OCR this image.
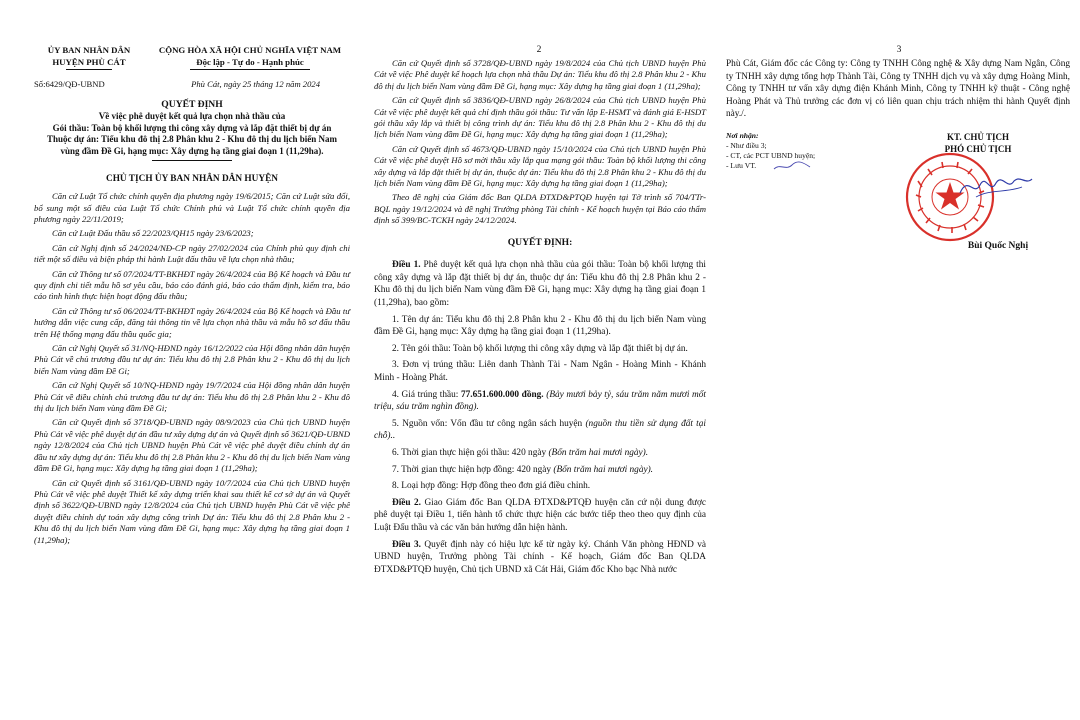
ỦY BAN NHÂN DÂN
HUYỆN PHÙ CÁT
CỘNG HÒA XÃ HỘI CHỦ NGHĨA VIỆT NAM
Độc lập - Tự do - Hạnh phúc
Số:6429/QĐ-UBND	Phù Cát, ngày 25 tháng 12 năm 2024
QUYẾT ĐỊNH
Về việc phê duyệt kết quả lựa chọn nhà thầu của
Gói thầu: Toàn bộ khối lượng thi công xây dựng và lắp đặt thiết bị dự án
Thuộc dự án: Tiểu khu đô thị 2.8 Phân khu 2 - Khu đô thị du lịch biển Nam
vùng đầm Đề Gi, hạng mục: Xây dựng hạ tầng giai đoạn 1 (11,29ha).
CHỦ TỊCH ỦY BAN NHÂN DÂN HUYỆN

Căn cứ Luật Tổ chức chính quyền địa phương ngày 19/6/2015; Căn cứ Luật sửa đổi, bổ sung một số điều của Luật Tổ chức Chính phủ và Luật Tổ chức chính quyền địa phương ngày 22/11/2019;

Căn cứ Luật Đấu thầu số 22/2023/QH15 ngày 23/6/2023;

Căn cứ Nghị định số 24/2024/NĐ-CP ngày 27/02/2024 của Chính phủ quy định chi tiết một số điều và biện pháp thi hành Luật đấu thầu về lựa chọn nhà thầu;

Căn cứ Thông tư số 07/2024/TT-BKHĐT ngày 26/4/2024 của Bộ Kế hoạch và Đầu tư quy định chi tiết mẫu hồ sơ yêu cầu, báo cáo đánh giá, báo cáo thẩm định, kiểm tra, báo cáo tình hình thực hiện hoạt động đấu thầu;

Căn cứ Thông tư số 06/2024/TT-BKHĐT ngày 26/4/2024 của Bộ Kế hoạch và Đầu tư hướng dẫn việc cung cấp, đăng tải thông tin về lựa chọn nhà thầu và mẫu hồ sơ đấu thầu trên Hệ thống mạng đấu thầu quốc gia;

Căn cứ Nghị Quyết số 31/NQ-HĐND ngày 16/12/2022 của Hội đồng nhân dân huyện Phù Cát về chủ trương đầu tư dự án: Tiểu khu đô thị 2.8 Phân khu 2 - Khu đô thị du lịch biển Nam vùng đầm Đề Gi;

Căn cứ Nghị Quyết số 10/NQ-HĐND ngày 19/7/2024 của Hội đồng nhân dân huyện Phù Cát về điều chỉnh chủ trương đầu tư dự án: Tiểu khu đô thị 2.8 Phân khu 2 - Khu đô thị du lịch biển Nam vùng đầm Đề Gi;

Căn cứ Quyết định số 3718/QĐ-UBND ngày 08/9/2023 của Chủ tịch UBND huyện Phù Cát về việc phê duyệt dự án đầu tư xây dựng dự án và Quyết định số 3621/QĐ-UBND ngày 12/8/2024 của Chủ tịch UBND huyện Phù Cát về việc phê duyệt điều chỉnh dự án đầu tư xây dựng dự án: Tiểu khu đô thị 2.8 Phân khu 2 - Khu đô thị du lịch biển Nam vùng đầm Đề Gi, hạng mục: Xây dựng hạ tầng giai đoạn 1 (11,29ha);

Căn cứ Quyết định số 3161/QĐ-UBND ngày 10/7/2024 của Chủ tịch UBND huyện Phù Cát về việc phê duyệt Thiết kế xây dựng triển khai sau thiết kế cơ sở dự án và Quyết định số 3622/QĐ-UBND ngày 12/8/2024 của Chủ tịch UBND huyện Phù Cát về việc phê duyệt điều chỉnh dự toán xây dựng công trình Dự án: Tiểu khu đô thị 2.8 Phân khu 2 - Khu đô thị du lịch biển Nam vùng đầm Đề Gi, hạng mục: Xây dựng hạ tầng giai đoạn 1 (11,29ha);

2

Căn cứ Quyết định số 3728/QĐ-UBND ngày 19/8/2024 của Chủ tịch UBND huyện Phù Cát về việc Phê duyệt kế hoạch lựa chọn nhà thầu Dự án: Tiểu khu đô thị 2.8 Phân khu 2 - Khu đô thị du lịch biển Nam vùng đầm Đề Gi, hạng mục: Xây dựng hạ tầng giai đoạn 1 (11,29ha);

Căn cứ Quyết định số 3836/QĐ-UBND ngày 26/8/2024 của Chủ tịch UBND huyện Phù Cát về việc phê duyệt kết quả chỉ định thầu gói thầu: Tư vấn lập E-HSMT và đánh giá E-HSDT gói thầu xây lắp và thiết bị công trình dự án: Tiểu khu đô thị 2.8 Phân khu 2 - Khu đô thị du lịch biển Nam vùng đầm Đề Gi, hạng mục: Xây dựng hạ tầng giai đoạn 1 (11,29ha);

Căn cứ Quyết định số 4673/QĐ-UBND ngày 15/10/2024 của Chủ tịch UBND huyện Phù Cát về việc phê duyệt Hồ sơ mời thầu xây lắp qua mạng gói thầu: Toàn bộ khối lượng thi công xây dựng và lắp đặt thiết bị dự án, thuộc dự án: Tiểu khu đô thị 2.8 Phân khu 2 - Khu đô thị du lịch biển Nam vùng đầm Đề Gi, hạng mục: Xây dựng hạ tầng giai đoạn 1 (11,29ha);

Theo đề nghị của Giám đốc Ban QLDA ĐTXD&PTQĐ huyện tại Tờ trình số 704/TTr-BQL ngày 19/12/2024 và đề nghị Trưởng phòng Tài chính - Kế hoạch huyện tại Báo cáo thẩm định số 399/BC-TCKH ngày 24/12/2024.

QUYẾT ĐỊNH:

Điều 1. Phê duyệt kết quả lựa chọn nhà thầu của gói thầu: Toàn bộ khối lượng thi công xây dựng và lắp đặt thiết bị dự án, thuộc dự án: Tiểu khu đô thị 2.8 Phân khu 2 - Khu đô thị du lịch biển Nam vùng đầm Đề Gi, hạng mục: Xây dựng hạ tầng giai đoạn 1 (11,29ha), bao gồm:

1. Tên dự án: Tiểu khu đô thị 2.8 Phân khu 2 - Khu đô thị du lịch biển Nam vùng đầm Đề Gi, hạng mục: Xây dựng hạ tầng giai đoạn 1 (11,29ha).

2. Tên gói thầu: Toàn bộ khối lượng thi công xây dựng và lắp đặt thiết bị dự án.

3. Đơn vị trúng thầu: Liên danh Thành Tài - Nam Ngân - Hoàng Minh - Khánh Minh - Hoàng Phát.

4. Giá trúng thầu: 77.651.600.000 đồng. (Bảy mươi bảy tỷ, sáu trăm năm mươi mốt triệu, sáu trăm nghìn đồng).

5. Nguồn vốn: Vốn đầu tư công ngân sách huyện (nguồn thu tiền sử dụng đất tại chỗ)..

6. Thời gian thực hiện gói thầu: 420 ngày (Bốn trăm hai mươi ngày).

7. Thời gian thực hiện hợp đồng: 420 ngày (Bốn trăm hai mươi ngày).

8. Loại hợp đồng: Hợp đồng theo đơn giá điều chỉnh.

Điều 2. Giao Giám đốc Ban QLDA ĐTXD&PTQĐ huyện căn cứ nội dung được phê duyệt tại Điều 1, tiến hành tổ chức thực hiện các bước tiếp theo theo quy định của Luật Đấu thầu và các văn bản hướng dẫn hiện hành.

Điều 3. Quyết định này có hiệu lực kể từ ngày ký. Chánh Văn phòng HĐND và UBND huyện, Trưởng phòng Tài chính - Kế hoạch, Giám đốc Ban QLDA ĐTXD&PTQĐ huyện, Chủ tịch UBND xã Cát Hải, Giám đốc Kho bạc Nhà nước

3

Phù Cát, Giám đốc các Công ty: Công ty TNHH Công nghệ & Xây dựng Nam Ngân, Công ty TNHH xây dựng tổng hợp Thành Tài, Công ty TNHH dịch vụ và xây dựng Hoàng Minh, Công ty TNHH tư vấn xây dựng điện Khánh Minh, Công ty TNHH kỹ thuật - Công nghệ Hoàng Phát và Thủ trưởng các đơn vị có liên quan chịu trách nhiệm thi hành Quyết định này./.

Nơi nhận:
- Như điều 3;
- CT, các PCT UBND huyện;
- Lưu VT.
KT. CHỦ TỊCH
PHÓ CHỦ TỊCH
Bùi Quốc Nghị
